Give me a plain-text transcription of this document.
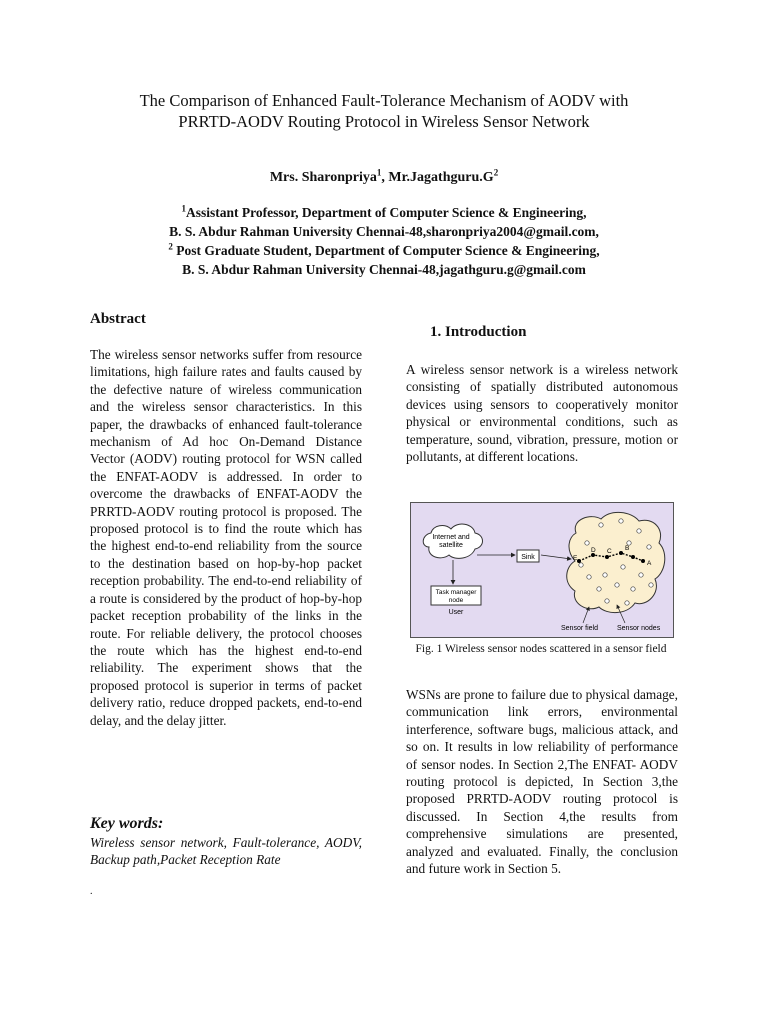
The Comparison of Enhanced Fault-Tolerance Mechanism of AODV with
PRRTD-AODV Routing Protocol in Wireless Sensor Network
Mrs. Sharonpriya$^1$, $Mr.Jagathguru.G^2$
$^1$Assistant Professor, Department of Computer Science & Engineering,
B. S. Abdur Rahman University Chennai-48,sharonpriya2004@gmail.com,
$^2$ Post Graduate Student, Department of Computer Science & Engineering,
B. S. Abdur Rahman University Chennai-48,jagathguru.g@gmail.com
Abstract
The wireless sensor networks suffer from resource limitations, high failure rates and faults caused by the defective nature of wireless communication and the wireless sensor characteristics. In this paper, the drawbacks of enhanced fault-tolerance mechanism of Ad hoc On-Demand Distance Vector (AODV) routing protocol for WSN called the ENFAT-AODV is addressed. In order to overcome the drawbacks of ENFAT-AODV the PRRTD-AODV routing protocol is proposed. The proposed protocol is to find the route which has the highest end-to-end reliability from the source to the destination based on hop-by-hop packet reception probability. The end-to-end reliability of a route is considered by the product of hop-by-hop packet reception probability of the links in the route. For reliable delivery, the protocol chooses the route which has the highest end-to-end reliability. The experiment shows that the proposed protocol is superior in terms of packet delivery ratio, reduce dropped packets, end-to-end delay, and the delay jitter.
Key words:
Wireless sensor network, Fault-tolerance, AODV, Backup path,Packet Reception Rate
.
1. Introduction
A wireless sensor network is a wireless network consisting of spatially distributed autonomous devices using sensors to cooperatively monitor physical or environmental conditions, such as temperature, sound, vibration, pressure, motion or pollutants, at different locations.
Internet and
satellite
Sink
Task manager
node
User
E
D C B
A
Sensor field	Sensor nodes
Fig. 1 Wireless sensor nodes scattered in a sensor field
WSNs are prone to failure due to physical damage, communication link errors, environmental interference, software bugs, malicious attack, and so on. It results in low reliability of performance of sensor nodes. In Section 2,The ENFAT- AODV routing protocol is depicted, In Section 3,the proposed PRRTD-AODV routing protocol is discussed. In Section 4,the results from comprehensive simulations are presented, analyzed and evaluated. Finally, the conclusion and future work in Section 5.
